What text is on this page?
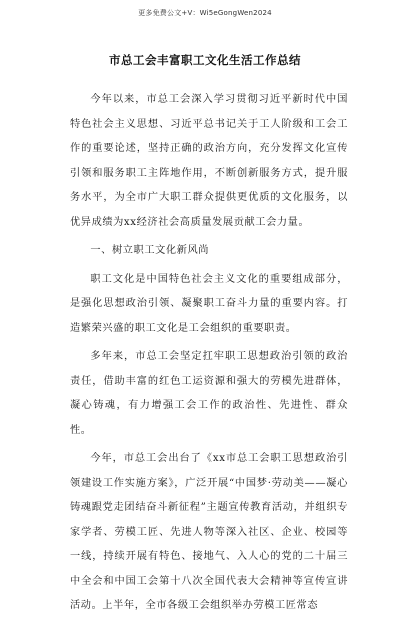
更多免费公文+V：Wi5eGongWen2024
市总工会丰富职工文化生活工作总结

今年以来，市总工会深入学习贯彻习近平新时代中国特色社会主义思想、习近平总书记关于工人阶级和工会工作的重要论述，坚持正确的政治方向，充分发挥文化宣传引领和服务职工主阵地作用，不断创新服务方式，提升服务水平，为全市广大职工群众提供更优质的文化服务，以优异成绩为xx经济社会高质量发展贡献工会力量。

一、树立职工文化新风尚

职工文化是中国特色社会主义文化的重要组成部分，是强化思想政治引领、凝聚职工奋斗力量的重要内容。打造繁荣兴盛的职工文化是工会组织的重要职责。

多年来，市总工会坚定扛牢职工思想政治引领的政治责任，借助丰富的红色工运资源和强大的劳模先进群体，凝心铸魂，有力增强工会工作的政治性、先进性、群众性。

今年，市总工会出台了《xx市总工会职工思想政治引领建设工作实施方案》，广泛开展“中国梦·劳动美——凝心铸魂跟党走团结奋斗新征程”主题宣传教育活动，并组织专家学者、劳模工匠、先进人物等深入社区、企业、校园等一线，持续开展有特色、接地气、入人心的党的二十届三中全会和中国工会第十八次全国代表大会精神等宣传宣讲活动。上半年，全市各级工会组织举办劳模工匠常态
